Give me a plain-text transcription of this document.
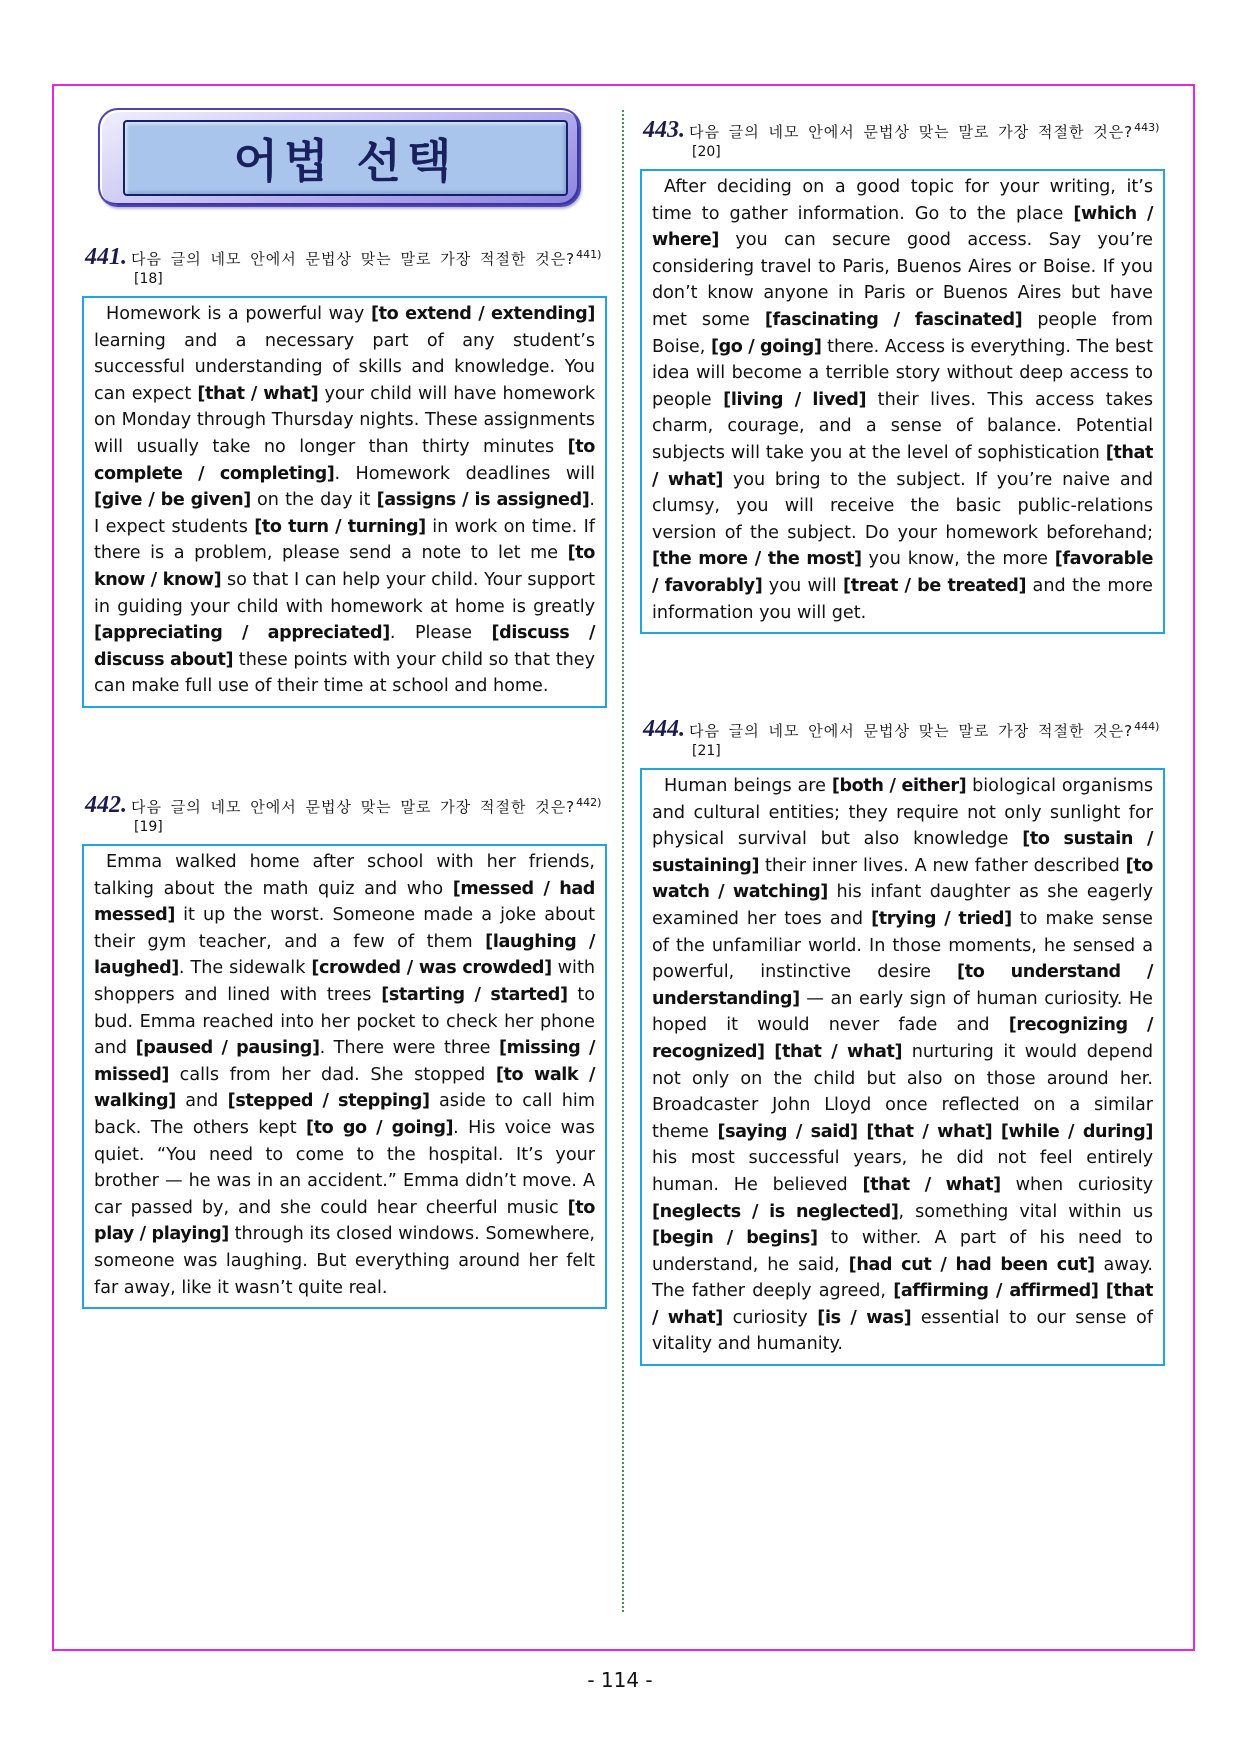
어법 선택
441. 다음 글의 네모 안에서 문법상 맞는 말로 가장 적절한 것은?$^{441)}$
[18]

Homework is a powerful way [to extend / extending] learning and a necessary part of any student’s successful understanding of skills and knowledge. You can expect [that / what] your child will have homework on Monday through Thursday nights. These assignments will usually take no longer than thirty minutes [to complete / completing]. Homework deadlines will [give / be given] on the day it [assigns / is assigned]. I expect students [to turn / turning] in work on time. If there is a problem, please send a note to let me [to know / know] so that I can help your child. Your support in guiding your child with homework at home is greatly [appreciating / appreciated]. Please [discuss / discuss about] these points with your child so that they can make full use of their time at school and home.

442. 다음 글의 네모 안에서 문법상 맞는 말로 가장 적절한 것은?$^{442)}$
[19]

Emma walked home after school with her friends, talking about the math quiz and who [messed / had messed] it up the worst. Someone made a joke about their gym teacher, and a few of them [laughing / laughed]. The sidewalk [crowded / was crowded] with shoppers and lined with trees [starting / started] to bud. Emma reached into her pocket to check her phone and [paused / pausing]. There were three [missing / missed] calls from her dad. She stopped [to walk / walking] and [stepped / stepping] aside to call him back. The others kept [to go / going]. His voice was quiet. “You need to come to the hospital. It’s your brother — he was in an accident.” Emma didn’t move. A car passed by, and she could hear cheerful music [to play / playing] through its closed windows. Somewhere, someone was laughing. But everything around her felt far away, like it wasn’t quite real.

443. 다음 글의 네모 안에서 문법상 맞는 말로 가장 적절한 것은?$^{443)}$
[20]

After deciding on a good topic for your writing, it’s time to gather information. Go to the place [which / where] you can secure good access. Say you’re considering travel to Paris, Buenos Aires or Boise. If you don’t know anyone in Paris or Buenos Aires but have met some [fascinating / fascinated] people from Boise, [go / going] there. Access is everything. The best idea will become a terrible story without deep access to people [living / lived] their lives. This access takes charm, courage, and a sense of balance. Potential subjects will take you at the level of sophistication [that / what] you bring to the subject. If you’re naive and clumsy, you will receive the basic public-relations version of the subject. Do your homework beforehand; [the more / the most] you know, the more [favorable / favorably] you will [treat / be treated] and the more information you will get.

444. 다음 글의 네모 안에서 문법상 맞는 말로 가장 적절한 것은?$^{444)}$
[21]

Human beings are [both / either] biological organisms and cultural entities; they require not only sunlight for physical survival but also knowledge [to sustain / sustaining] their inner lives. A new father described [to watch / watching] his infant daughter as she eagerly examined her toes and [trying / tried] to make sense of the unfamiliar world. In those moments, he sensed a powerful, instinctive desire [to understand / understanding] — an early sign of human curiosity. He hoped it would never fade and [recognizing / recognized] [that / what] nurturing it would depend not only on the child but also on those around her. Broadcaster John Lloyd once reflected on a similar theme [saying / said] [that / what] [while / during] his most successful years, he did not feel entirely human. He believed [that / what] when curiosity [neglects / is neglected], something vital within us [begin / begins] to wither. A part of his need to understand, he said, [had cut / had been cut] away. The father deeply agreed, [affirming / affirmed] [that / what] curiosity [is / was] essential to our sense of vitality and humanity.

- 114 -
